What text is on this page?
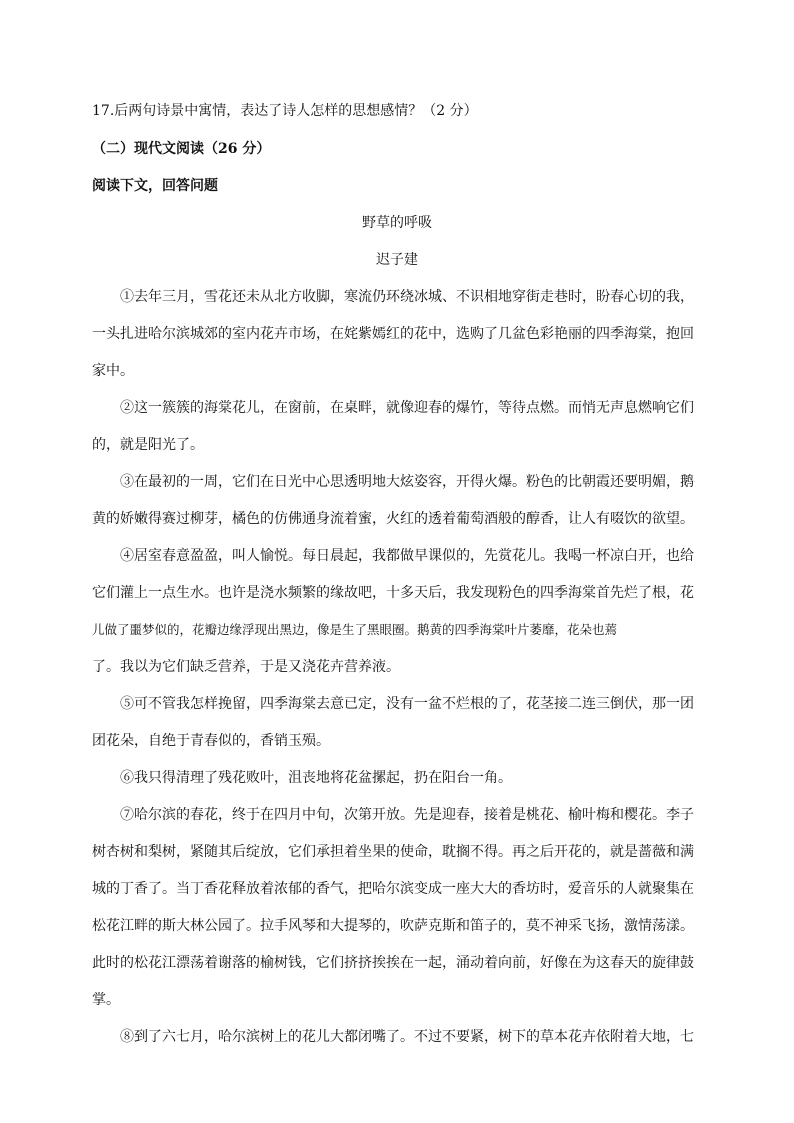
17.后两句诗景中寓情，表达了诗人怎样的思想感情？（2 分）
（二）现代文阅读（26 分）
阅读下文，回答问题
野草的呼吸
迟子建
①去年三月，雪花还未从北方收脚，寒流仍环绕冰城、不识相地穿街走巷时，盼春心切的我，
一头扎进哈尔滨城郊的室内花卉市场，在姹紫嫣红的花中，选购了几盆色彩艳丽的四季海棠，抱回
家中。
②这一簇簇的海棠花儿，在窗前，在桌畔，就像迎春的爆竹，等待点燃。而悄无声息燃响它们
的，就是阳光了。
③在最初的一周，它们在日光中心思透明地大炫姿容，开得火爆。粉色的比朝霞还要明媚，鹅
黄的娇嫩得赛过柳芽，橘色的仿佛通身流着蜜，火红的透着葡萄酒般的醇香，让人有啜饮的欲望。
④居室春意盈盈，叫人愉悦。每日晨起，我都做早课似的，先赏花儿。我喝一杯凉白开，也给
它们灌上一点生水。也许是浇水频繁的缘故吧，十多天后，我发现粉色的四季海棠首先烂了根，花
儿做了噩梦似的，花瓣边缘浮现出黑边，像是生了黑眼圈。鹅黄的四季海棠叶片萎靡，花朵也蔫
了。我以为它们缺乏营养，于是又浇花卉营养液。
⑤可不管我怎样挽留，四季海棠去意已定，没有一盆不烂根的了，花茎接二连三倒伏，那一团
团花朵，自绝于青春似的，香销玉殒。
⑥我只得清理了残花败叶，沮丧地将花盆摞起，扔在阳台一角。
⑦哈尔滨的春花，终于在四月中旬，次第开放。先是迎春，接着是桃花、榆叶梅和樱花。李子
树杏树和梨树，紧随其后绽放，它们承担着坐果的使命，耽搁不得。再之后开花的，就是蔷薇和满
城的丁香了。当丁香花释放着浓郁的香气，把哈尔滨变成一座大大的香坊时，爱音乐的人就聚集在
松花江畔的斯大林公园了。拉手风琴和大提琴的，吹萨克斯和笛子的，莫不神采飞扬，激情荡漾。
此时的松花江漂荡着谢落的榆树钱，它们挤挤挨挨在一起，涌动着向前，好像在为这春天的旋律鼓
掌。
⑧到了六七月，哈尔滨树上的花儿大都闭嘴了。不过不要紧，树下的草本花卉依附着大地，七
